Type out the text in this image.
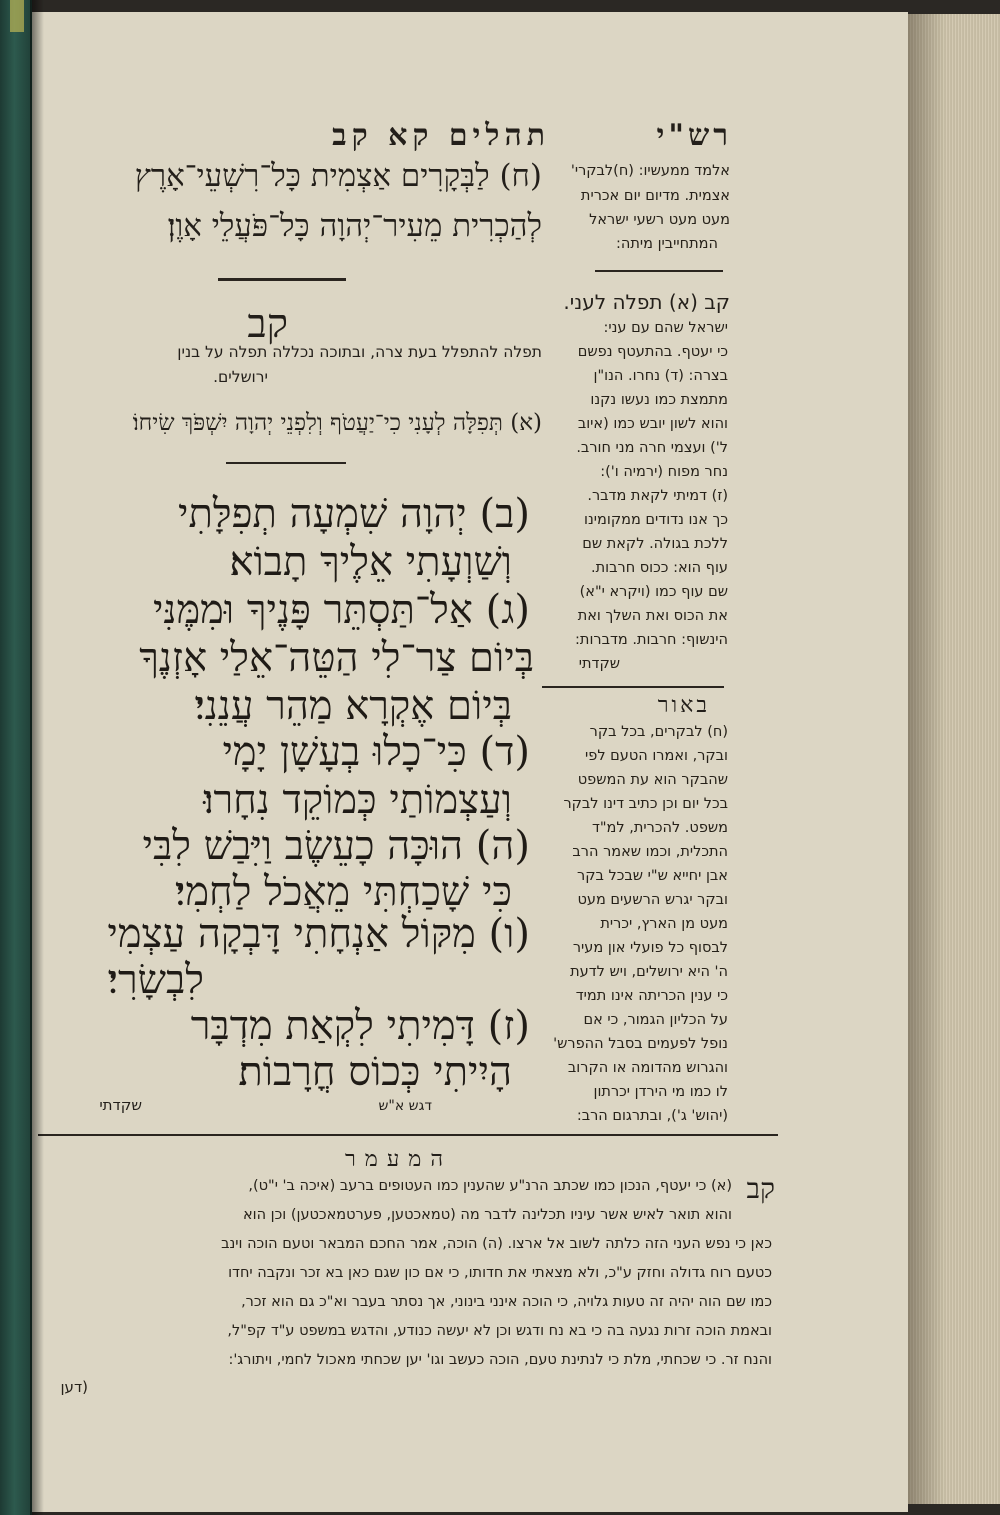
רש"י
אלמד ממעשיו: (ח)לבקרי'
אצמית. מדיום יום אכרית
מעט מעט רשעי ישראל
המתחייבין מיתה:
קב (א) תפלה לעני.
ישראל שהם עם עני:
כי יעטף. בהתעטף נפשם
בצרה: (ד) נחרו. הנו"ן
מתמצת כמו נעשו נקנו
והוא לשון יובש כמו (איוב
ל') ועצמי חרה מני חורב.
נחר מפוח (ירמיה ו'):
(ז) דמיתי לקאת מדבר.
כך אנו נדודים ממקומינו
ללכת בגולה. לקאת שם
עוף הוא: ככוס חרבות.
שם עוף כמו (ויקרא י"א)
את הכוס ואת השלך ואת
הינשוף: חרבות. מדברות:
שקדתי
באור
(ח) לבקרים, בכל בקר
ובקר, ואמרו הטעם לפי
שהבקר הוא עת המשפט
בכל יום וכן כתיב דינו לבקר
משפט. להכרית, למ"ד
התכלית, וכמו שאמר הרב
אבן יחייא ש"י שבכל בקר
ובקר יגרש הרשעים מעט
מעט מן הארץ, יכרית
לבסוף כל פועלי און מעיר
ה' היא ירושלים, ויש לדעת
כי ענין הכריתה אינו תמיד
על הכליון הגמור, כי אם
נופל לפעמים בסבל ההפרש'
והגרוש מהדומה או הקרוב
לו כמו מי הירדן יכרתון
(יהוש' ג'), ובתרגום הרב:
תהלים קא קב
(ח) לַבְּקָרִים אַצְמִית כָּל־רִשְׁעֵי־אָרֶץ
לְהַכְרִית מֵעִיר־יְהוָה כָּל־פֹּעֲלֵי אָוֶן׃
קב
תפלה להתפלל בעת צרה, ובתוכה נכללה תפלה על בנין
ירושלים.
(א) תְּפִלָּה לְעָנִי כִי־יַעֲטֹף וְלִפְנֵי יְהוָה יִשְׁפֹּךְ שִׂיחוֹ׃
(ב) יְהוָה שִׁמְעָה תְפִלָּתִי
וְשַׁוְעָתִי אֵלֶיךָ תָבוֹא׃
(ג) אַל־תַּסְתֵּר פָּנֶיךָ וּמִמֶּנִּי
בְּיוֹם צַר־לִי הַטֵּה־אֵלַי אָזְנֶךָ
בְּיוֹם אֶקְרָא מַהֵר עֲנֵנִי׃
(ד) כִּי־כָלוּ בְעָשָׁן יָמָי
וְעַצְמוֹתַי כְּמוֹקֵד נִחָרוּ׃
(ה) הוּכָּה כָעֵשֶׂב וַיִּבַשׁ לִבִּי
כִּי שָׁכַחְתִּי מֵאֲכֹל לַחְמִי׃
(ו) מִקּוֹל אַנְחָתִי דָּבְקָה עַצְמִי
לִבְשָׂרִי׃
(ז) דָּמִיתִי לִקְאַת מִדְבָּר
הָיִיתִי כְּכוֹס חֳרָבוֹת׃
דגש א"ש
שקדתי
המעמר
קב
(א) כי יעטף, הנכון כמו שכתב הרנ"ע שהענין כמו העטופים ברעב (איכה ב' י"ט),
והוא תואר לאיש אשר עיניו תכלינה לדבר מה (טמאכטען, פערטמאכטען) וכן הוא
כאן כי נפש העני הזה כלתה לשוב אל ארצו. (ה) הוכה, אמר החכם המבאר וטעם הוכה וינב
כטעם רוח גדולה וחזק ע"כ, ולא מצאתי את חדותו, כי אם כון שגם כאן בא זכר ונקבה יחדו
כמו שם הוה יהיה זה טעות גלויה, כי הוכה אינני בינוני, אך נסתר בעבר וא"כ גם הוא זכר,
ובאמת הוכה זרות נגעה בה כי בא נח ודגש וכן לא יעשה כנודע, והדגש במשפט ע"ד קפ"ל,
והנח זר. כי שכחתי, מלת כי לנתינת טעם, הוכה כעשב וגו' יען שכחתי מאכול לחמי, ויתורג':
(דען
